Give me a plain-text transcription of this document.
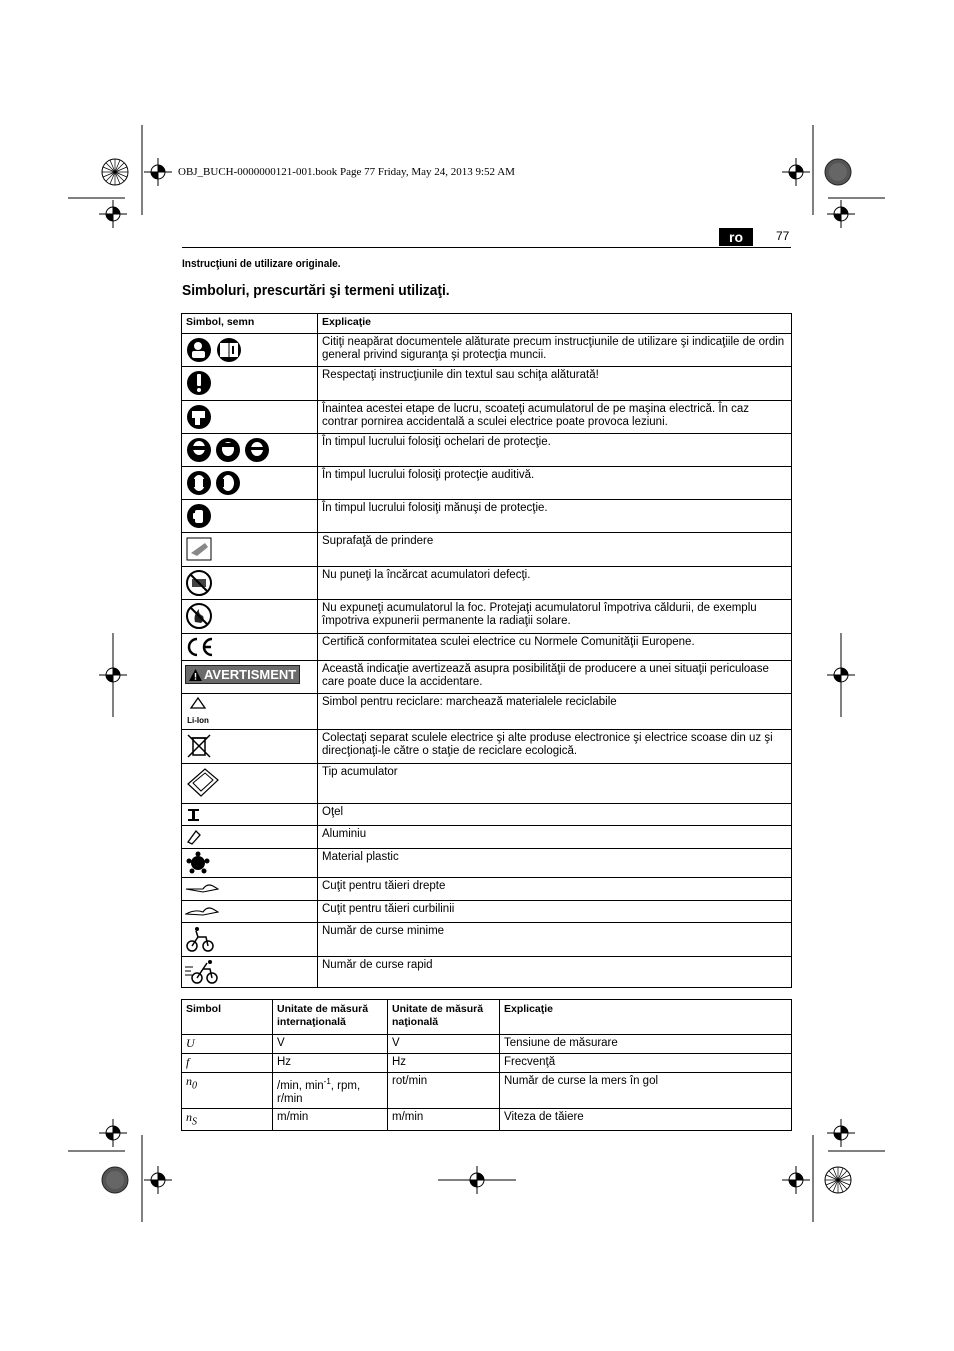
OBJ_BUCH-0000000121-001.book Page 77 Friday, May 24, 2013 9:52 AM
ro	77
Instrucţiuni de utilizare originale.
Simboluri, prescurtări şi termeni utilizaţi.
Simbol, semn	Explicaţie
	Citiţi neapărat documentele alăturate precum instrucţiunile de utilizare şi indicaţiile de ordin general privind siguranţa şi protecţia muncii.
	Respectaţi instrucţiunile din textul sau schiţa alăturată!
	Înaintea acestei etape de lucru, scoateţi acumulatorul de pe maşina electrică. În caz contrar pornirea accidentală a sculei electrice poate provoca leziuni.
	În timpul lucrului folosiţi ochelari de protecţie.
	În timpul lucrului folosiţi protecţie auditivă.
	În timpul lucrului folosiţi mănuşi de protecţie.
	Suprafaţă de prindere
	Nu puneţi la încărcat acumulatori defecţi.
	Nu expuneţi acumulatorul la foc. Protejaţi acumulatorul împotriva căldurii, de exemplu împotriva expunerii permanente la radiaţii solare.
	Certifică conformitatea sculei electrice cu Normele Comunităţii Europene.

AVERTISMENT	Această indicaţie avertizează asupra posibilităţii de producere a unei situaţii periculoase care poate duce la accidentare.

Li-Ion	Simbol pentru reciclare: marchează materialele reciclabile
	Colectaţi separat sculele electrice şi alte produse electronice şi electrice scoase din uz şi direcţionaţi-le către o staţie de reciclare ecologică.
	Tip acumulator
	Oţel
	Aluminiu
	Material plastic
	Cuţit pentru tăieri drepte
	Cuţit pentru tăieri curbilinii
	Număr de curse minime
	Număr de curse rapid
Simbol	Unitate de măsură internaţională	Unitate de măsură naţională	Explicaţie
U	V	V	Tensiune de măsurare
f	Hz	Hz	Frecvenţă
$n_0$	/min, $\min^{-1}$, rpm, r/min	rot/min	Număr de curse la mers în gol
$n_S$	m/min	m/min	Viteza de tăiere
